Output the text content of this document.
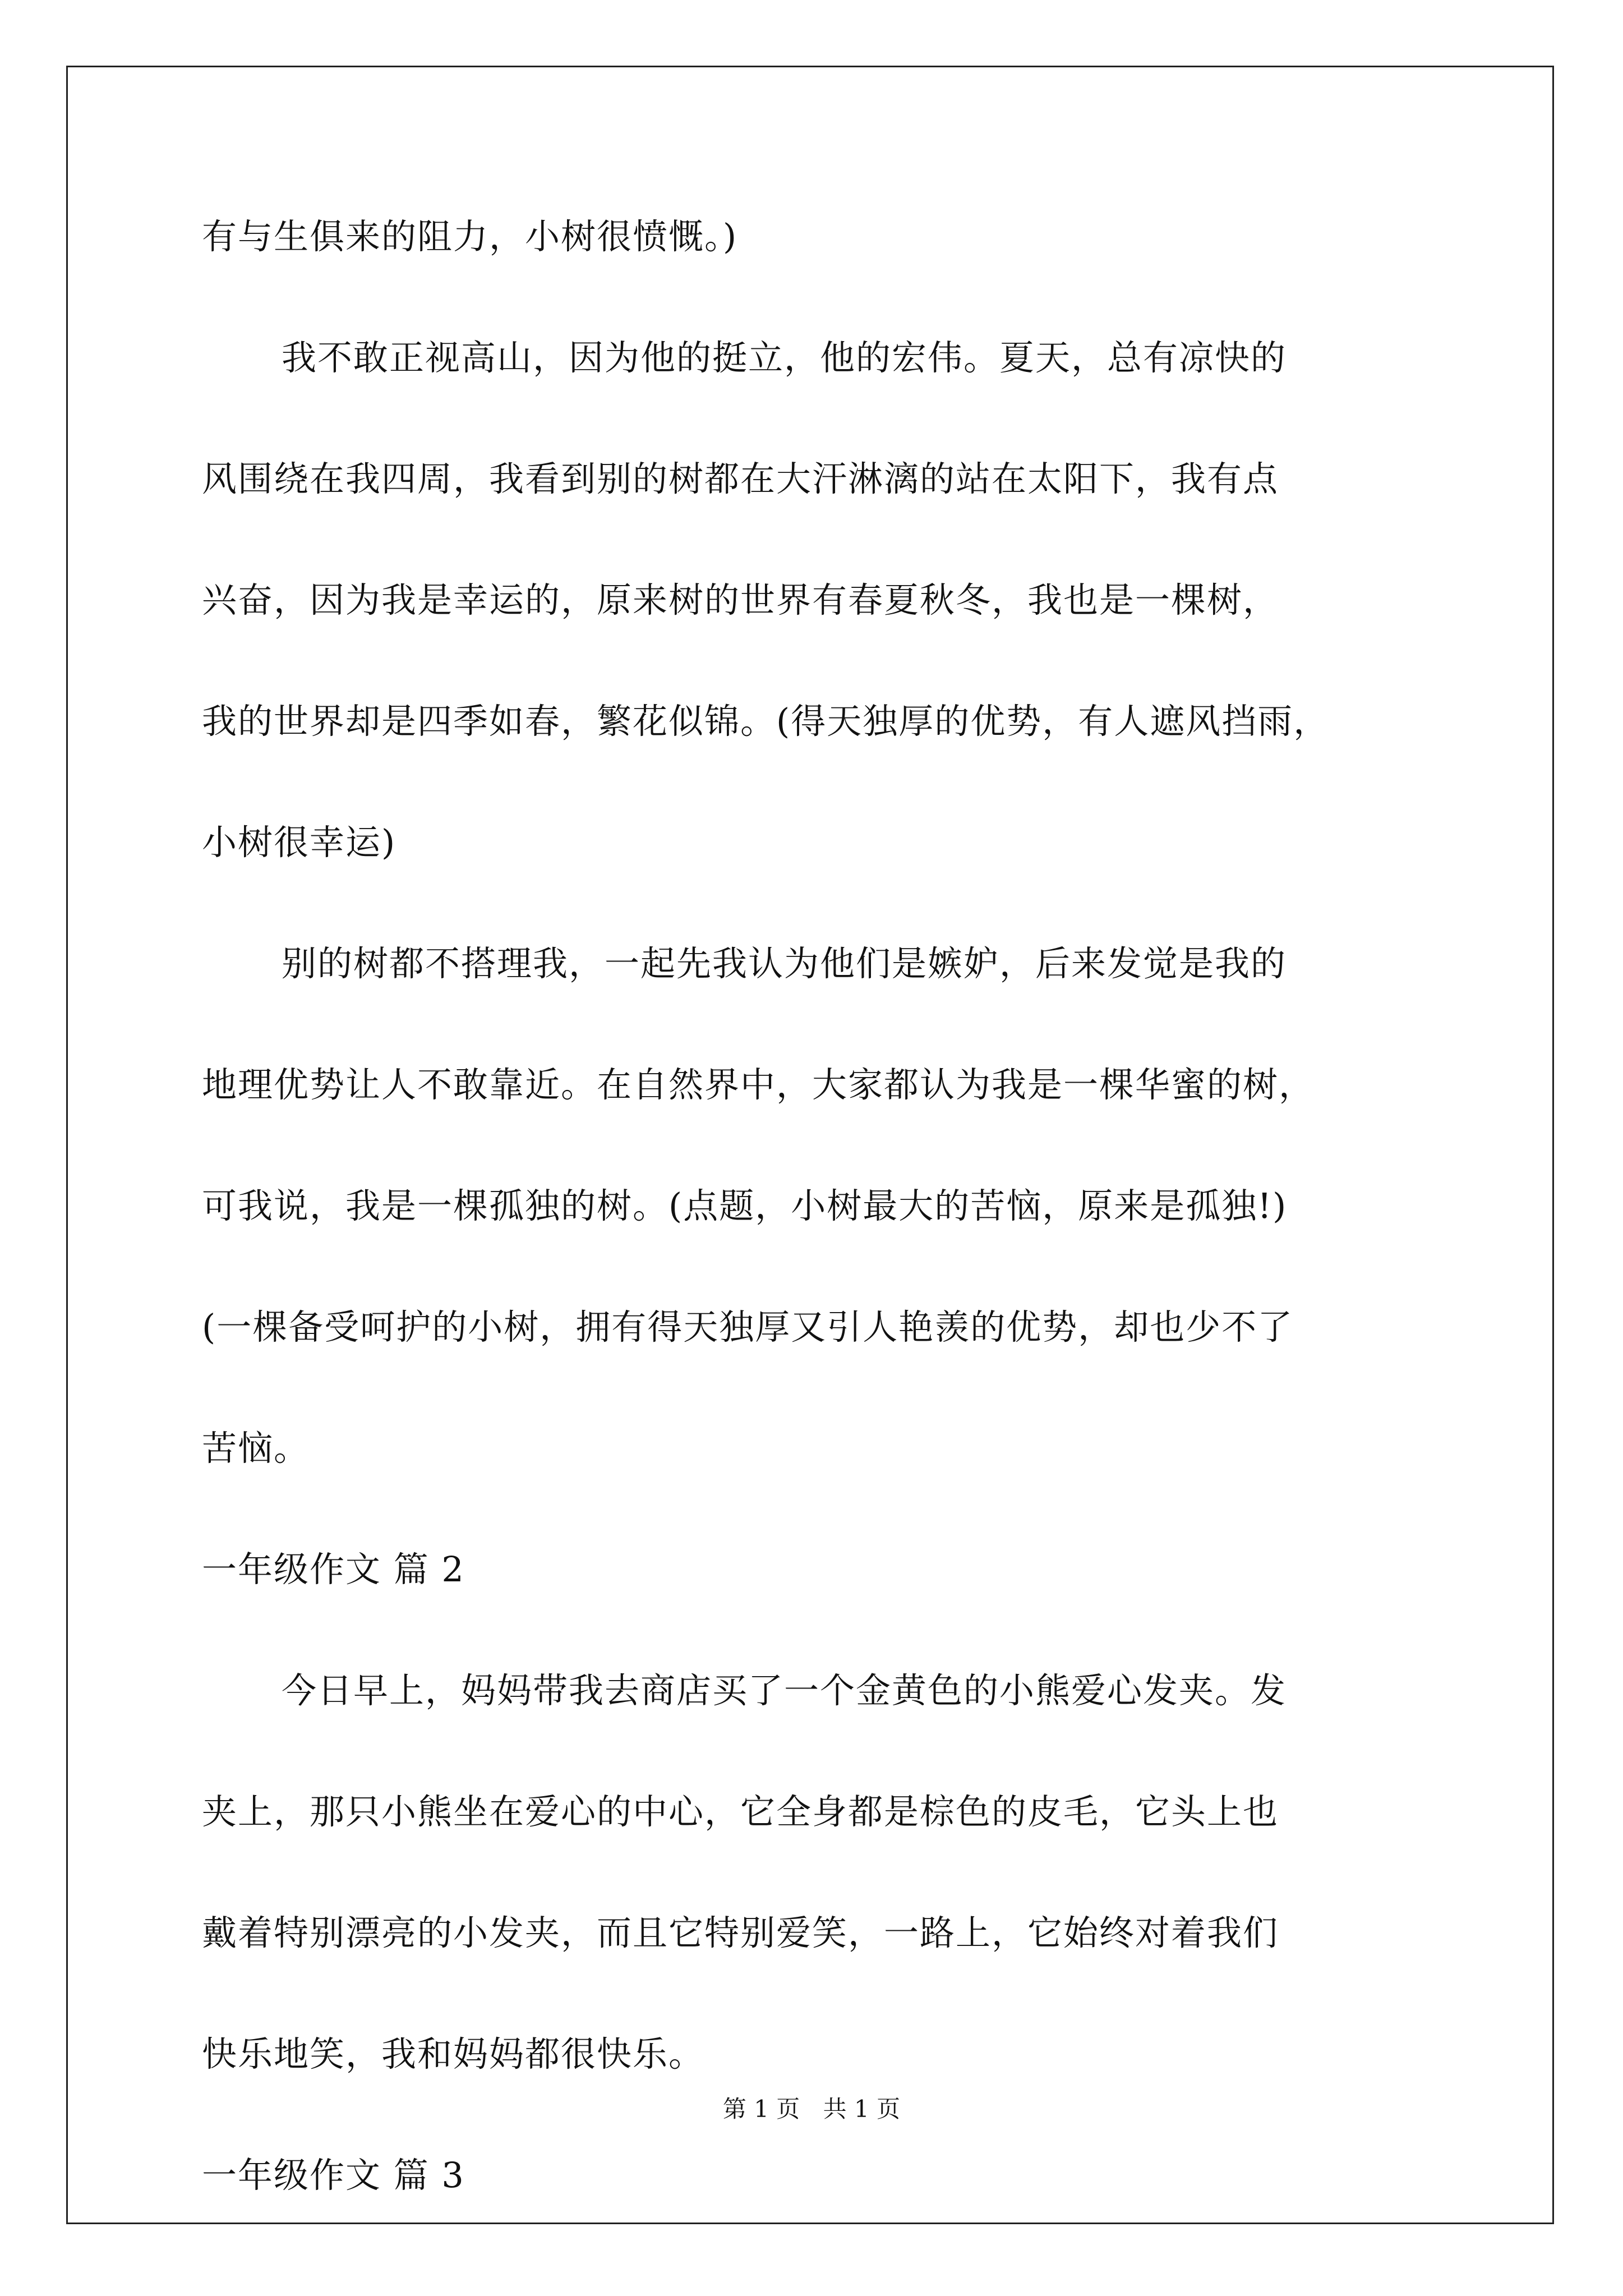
有与生俱来的阻力，小树很愤慨。)
我不敢正视高山，因为他的挺立，他的宏伟。夏天，总有凉快的
风围绕在我四周，我看到别的树都在大汗淋漓的站在太阳下，我有点
兴奋，因为我是幸运的，原来树的世界有春夏秋冬，我也是一棵树，
我的世界却是四季如春，繁花似锦。(得天独厚的优势，有人遮风挡雨，
小树很幸运)
别的树都不搭理我，一起先我认为他们是嫉妒，后来发觉是我的
地理优势让人不敢靠近。在自然界中，大家都认为我是一棵华蜜的树，
可我说，我是一棵孤独的树。(点题，小树最大的苦恼，原来是孤独!)
(一棵备受呵护的小树，拥有得天独厚又引人艳羡的优势，却也少不了
苦恼。
一年级作文 篇 2
今日早上，妈妈带我去商店买了一个金黄色的小熊爱心发夹。发
夹上，那只小熊坐在爱心的中心，它全身都是棕色的皮毛，它头上也
戴着特别漂亮的小发夹，而且它特别爱笑，一路上，它始终对着我们
快乐地笑，我和妈妈都很快乐。
一年级作文 篇 3
第 1 页 共 1 页
